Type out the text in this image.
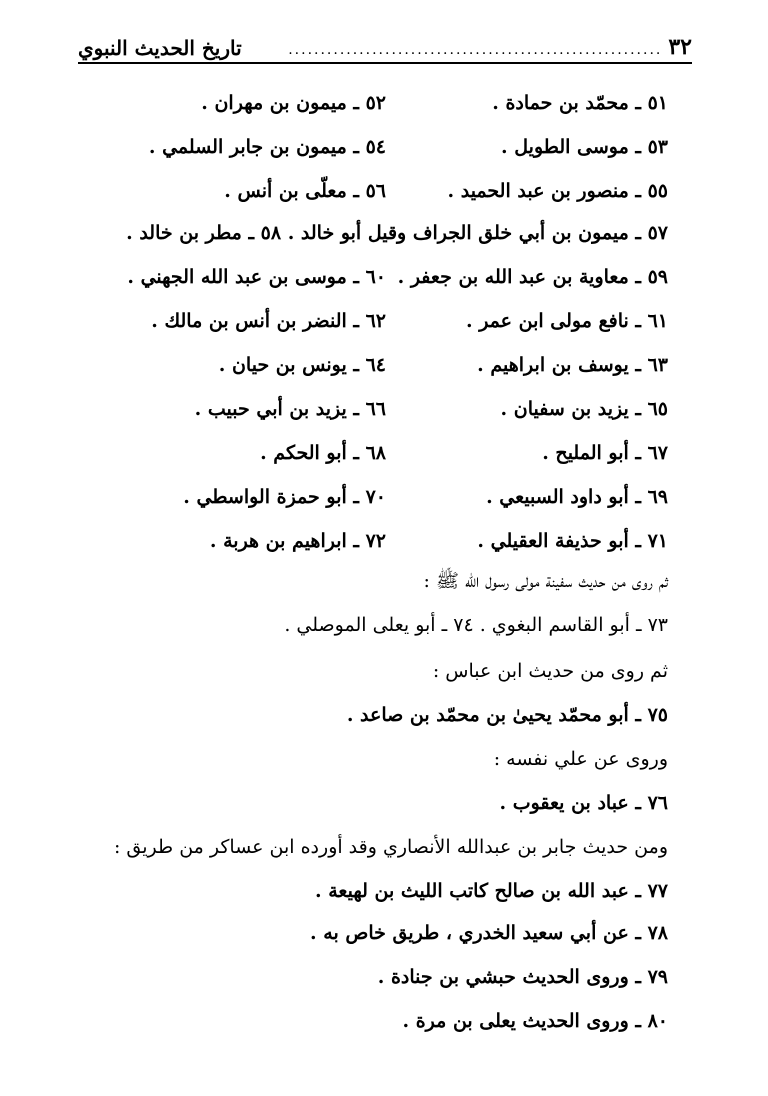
٣٢
..........................................................
تاريخ الحديث النبوي
٥١ ـ محمّد بن حمادة .
٥٢ ـ ميمون بن مهران .
٥٣ ـ موسى الطويل .
٥٤ ـ ميمون بن جابر السلمي .
٥٥ ـ منصور بن عبد الحميد .
٥٦ ـ معلّى بن أنس .
٥٧ ـ ميمون بن أبي خلق الجراف وقيل أبو خالد . ٥٨ ـ مطر بن خالد .
٥٩ ـ معاوية بن عبد الله بن جعفر .
٦٠ ـ موسى بن عبد الله الجهني .
٦١ ـ نافع مولى ابن عمر .
٦٢ ـ النضر بن أنس بن مالك .
٦٣ ـ يوسف بن ابراهيم .
٦٤ ـ يونس بن حيان .
٦٥ ـ يزيد بن سفيان .
٦٦ ـ يزيد بن أبي حبيب .
٦٧ ـ أبو المليح .
٦٨ ـ أبو الحكم .
٦٩ ـ أبو داود السبيعي .
٧٠ ـ أبو حمزة الواسطي .
٧١ ـ أبو حذيفة العقيلي .
٧٢ ـ ابراهيم بن هربة .
ثم روى من حديث سفينة مولى رسول الله ﷺ :
٧٣ ـ أبو القاسم البغوي . ٧٤ ـ أبو يعلى الموصلي .
ثم روى من حديث ابن عباس :
٧٥ ـ أبو محمّد يحيىٰ بن محمّد بن صاعد .
وروى عن علي نفسه :
٧٦ ـ عباد بن يعقوب .
ومن حديث جابر بن عبدالله الأنصاري وقد أورده ابن عساكر من طريق :
٧٧ ـ عبد الله بن صالح كاتب الليث بن لهيعة .
٧٨ ـ عن أبي سعيد الخدري ، طريق خاص به .
٧٩ ـ وروى الحديث حبشي بن جنادة .
٨٠ ـ وروى الحديث يعلى بن مرة .
